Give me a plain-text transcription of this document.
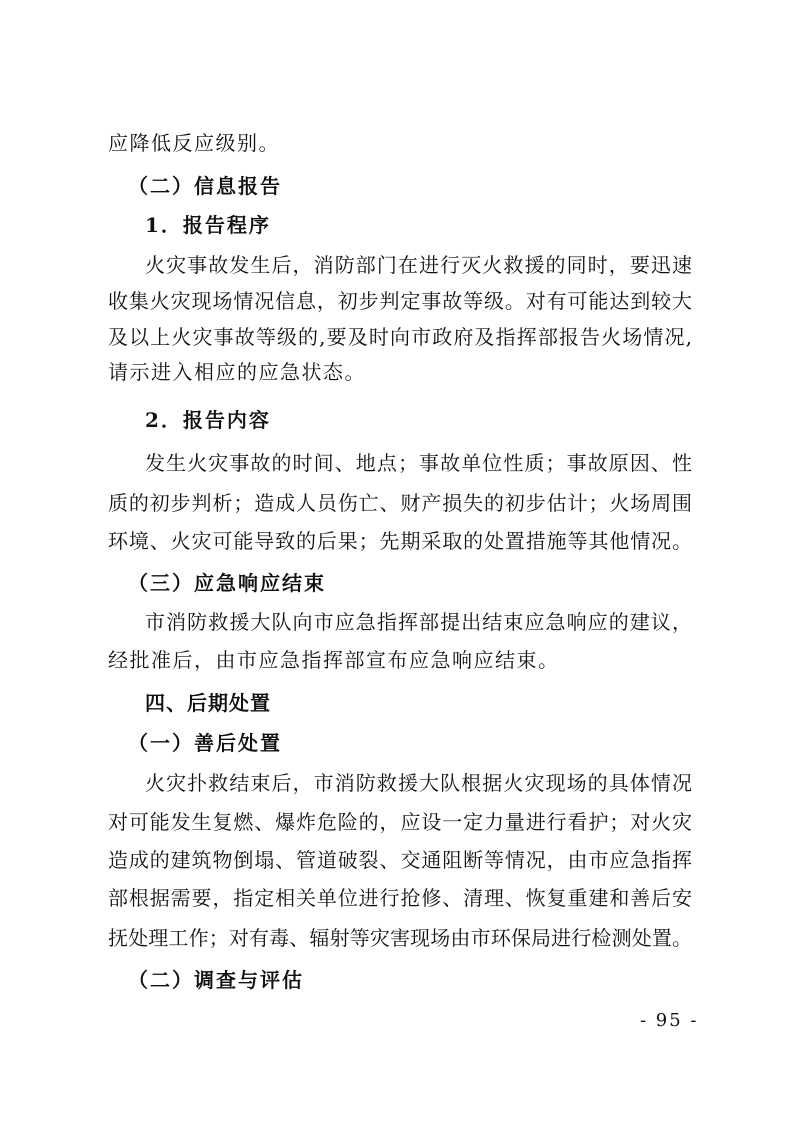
应降低反应级别。
（二）信息报告
1．报告程序
火灾事故发生后，消防部门在进行灭火救援的同时，要迅速
收集火灾现场情况信息，初步判定事故等级。对有可能达到较大
及以上火灾事故等级的,要及时向市政府及指挥部报告火场情况,
请示进入相应的应急状态。
2．报告内容
发生火灾事故的时间、地点；事故单位性质；事故原因、性
质的初步判析；造成人员伤亡、财产损失的初步估计；火场周围
环境、火灾可能导致的后果；先期采取的处置措施等其他情况。
（三）应急响应结束
市消防救援大队向市应急指挥部提出结束应急响应的建议，
经批准后，由市应急指挥部宣布应急响应结束。
四、后期处置
（一）善后处置
火灾扑救结束后，市消防救援大队根据火灾现场的具体情况
对可能发生复燃、爆炸危险的，应设一定力量进行看护；对火灾
造成的建筑物倒塌、管道破裂、交通阻断等情况，由市应急指挥
部根据需要，指定相关单位进行抢修、清理、恢复重建和善后安
抚处理工作；对有毒、辐射等灾害现场由市环保局进行检测处置。
（二）调查与评估
- 95 -
